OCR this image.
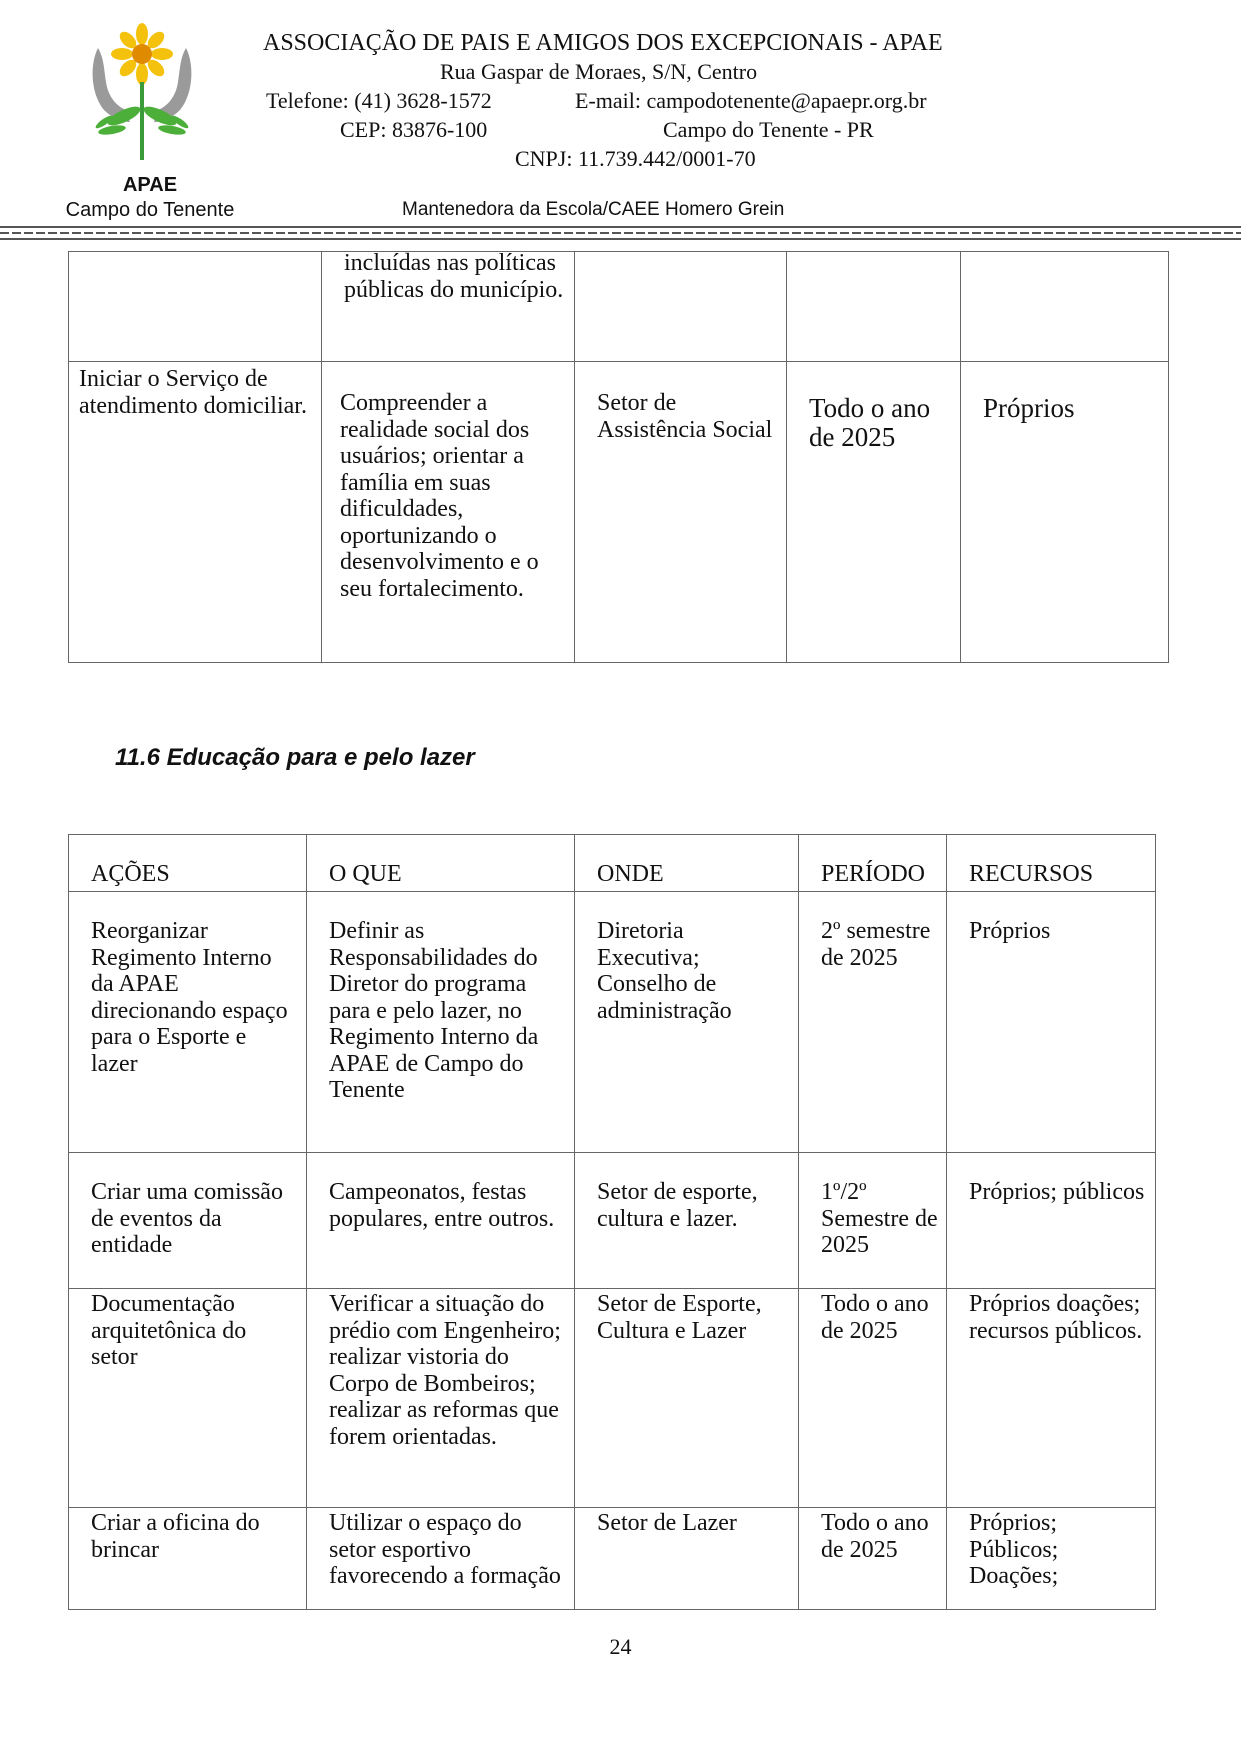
APAE
Campo do Tenente
ASSOCIAÇÃO DE PAIS E AMIGOS DOS EXCEPCIONAIS - APAE
Rua Gaspar de Moraes, S/N, Centro
Telefone: (41) 3628-1572	E-mail: campodotenente@apaepr.org.br
CEP: 83876-100	Campo do Tenente - PR
CNPJ: 11.739.442/0001-70
Mantenedora da Escola/CAEE Homero Grein

	incluídas nas políticas públicas do município.			

Iniciar o Serviço de atendimento domiciliar.	Compreender a realidade social dos usuários; orientar a família em suas dificuldades, oportunizando o desenvolvimento e o seu fortalecimento.	Setor de Assistência Social	Todo o ano de 2025	Próprios
11.6 Educação para e pelo lazer
AÇÕES	O QUE	ONDE	PERÍODO	RECURSOS

Reorganizar Regimento Interno da APAE direcionando espaço para o Esporte e lazer	Definir as Responsabilidades do Diretor do programa para e pelo lazer, no Regimento Interno da APAE de Campo do Tenente	Diretoria Executiva; Conselho de administração	2º semestre de 2025	Próprios

Criar uma comissão de eventos da entidade	Campeonatos, festas populares, entre outros.	Setor de esporte, cultura e lazer.	1º/2º Semestre de 2025	Próprios; públicos

Documentação arquitetônica do setor	Verificar a situação do prédio com Engenheiro; realizar vistoria do Corpo de Bombeiros; realizar as reformas que forem orientadas.	Setor de Esporte, Cultura e Lazer	Todo o ano de 2025	Próprios doações; recursos públicos.

Criar a oficina do brincar	Utilizar o espaço do setor esportivo favorecendo a formação	Setor de Lazer	Todo o ano de 2025	Próprios; Públicos; Doações;
24
